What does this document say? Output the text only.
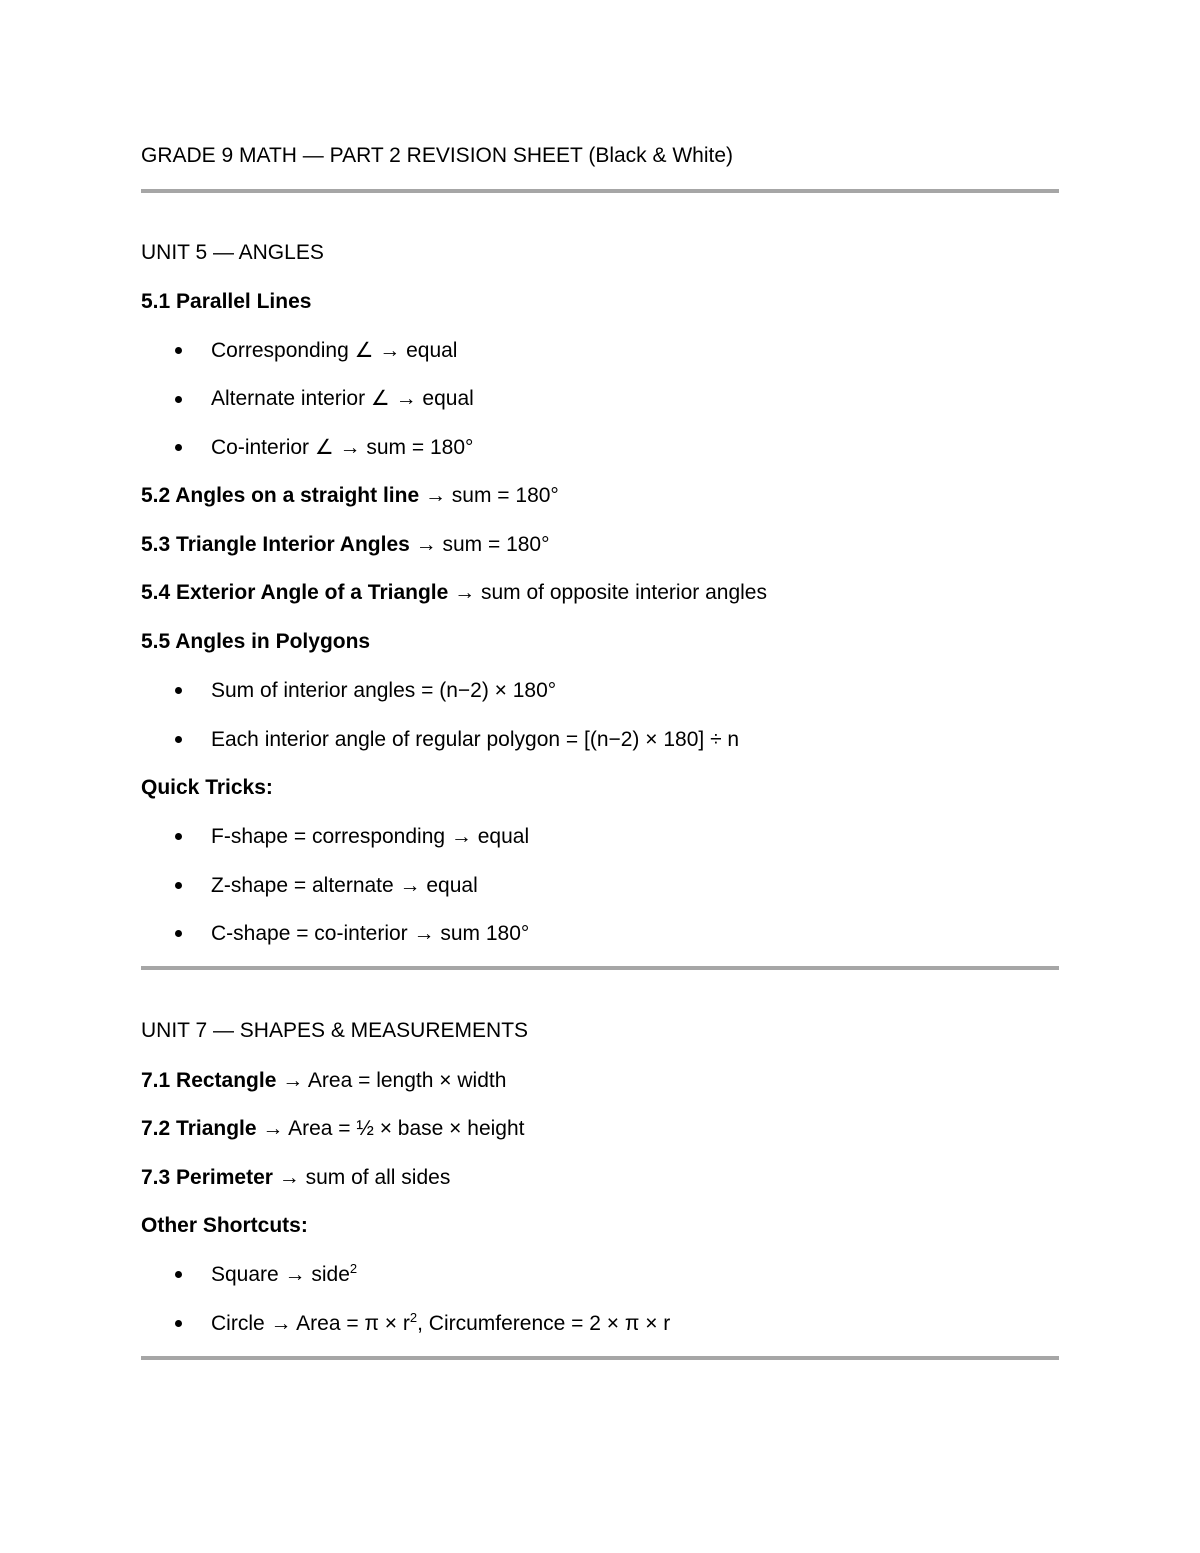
GRADE 9 MATH — PART 2 REVISION SHEET (Black & White)
UNIT 5 — ANGLES
5.1 Parallel Lines
Corresponding ∠ → equal
Alternate interior ∠ → equal
Co-interior ∠ → sum = 180°
5.2 Angles on a straight line → sum = 180°
5.3 Triangle Interior Angles → sum = 180°
5.4 Exterior Angle of a Triangle → sum of opposite interior angles
5.5 Angles in Polygons
Sum of interior angles = (n−2) × 180°
Each interior angle of regular polygon = [(n−2) × 180] ÷ n
Quick Tricks:
F-shape = corresponding → equal
Z-shape = alternate → equal
C-shape = co-interior → sum 180°
UNIT 7 — SHAPES & MEASUREMENTS
7.1 Rectangle → Area = length × width
7.2 Triangle → Area = ½ × base × height
7.3 Perimeter → sum of all sides
Other Shortcuts:
Square → side$^2$
Circle → Area = $\pi \times r^2$, Circumference = 2 × π × r
